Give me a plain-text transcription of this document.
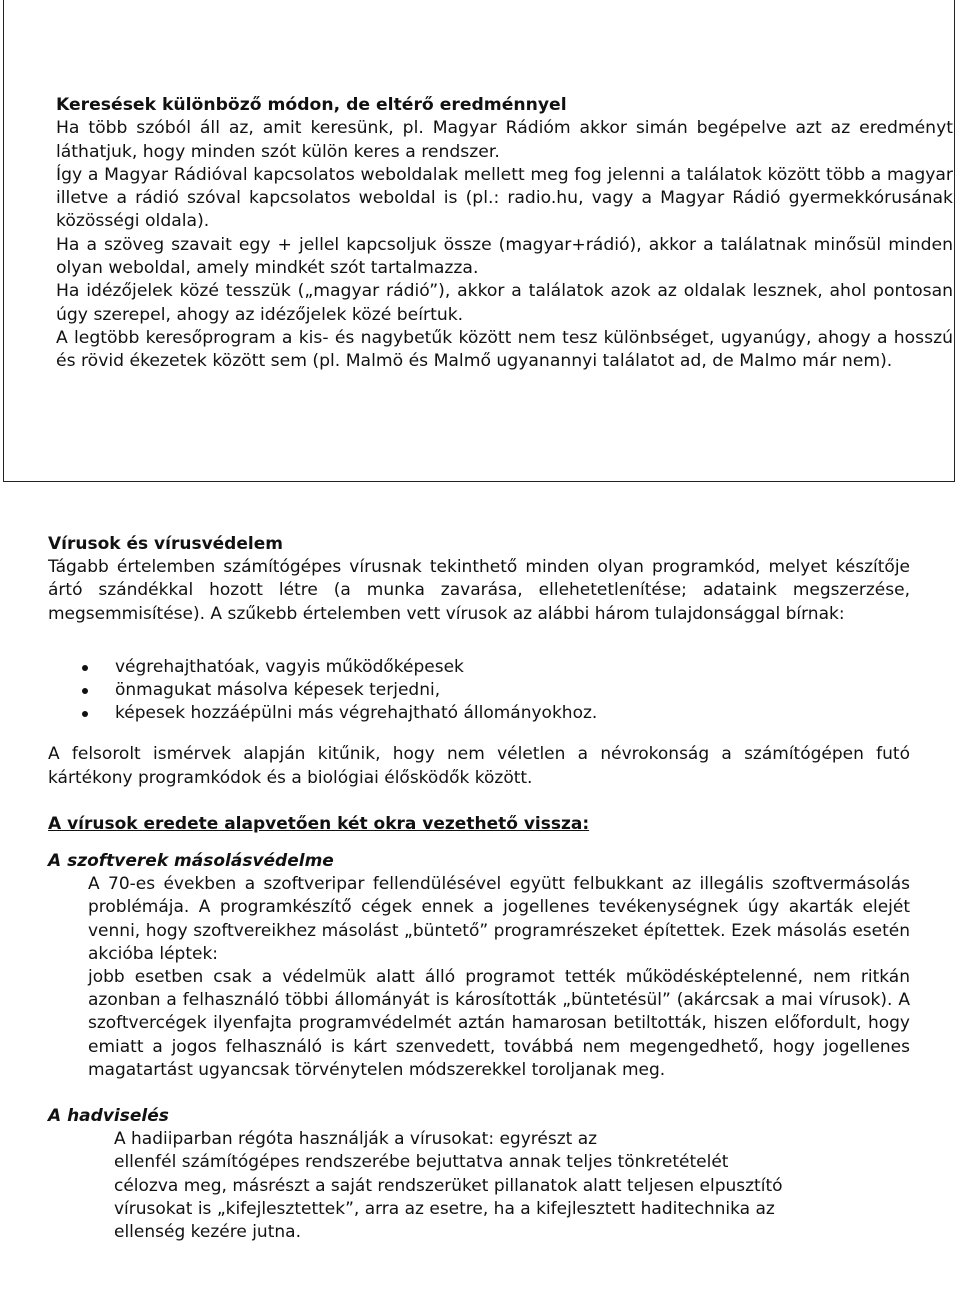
Keresések különböző módon, de eltérő eredménnyel

Ha több szóból áll az, amit keresünk, pl. Magyar Rádióm akkor simán begépelve azt az eredményt láthatjuk, hogy minden szót külön keres a rendszer.

Így a Magyar Rádióval kapcsolatos weboldalak mellett meg fog jelenni a találatok között több a magyar illetve a rádió szóval kapcsolatos weboldal is (pl.: radio.hu, vagy a Magyar Rádió gyermekkórusának közösségi oldala).

Ha a szöveg szavait egy + jellel kapcsoljuk össze (magyar+rádió), akkor a találatnak minősül minden olyan weboldal, amely mindkét szót tartalmazza.

Ha idézőjelek közé tesszük („magyar rádió”), akkor a találatok azok az oldalak lesznek, ahol pontosan úgy szerepel, ahogy az idézőjelek közé beírtuk.

A legtöbb keresőprogram a kis- és nagybetűk között nem tesz különbséget, ugyanúgy, ahogy a hosszú és rövid ékezetek között sem (pl. Malmö és Malmő ugyanannyi találatot ad, de Malmo már nem).

Vírusok és vírusvédelem

Tágabb értelemben számítógépes vírusnak tekinthető minden olyan programkód, melyet készítője ártó szándékkal hozott létre (a munka zavarása, ellehetetlenítése; adataink megszerzése, megsemmisítése). A szűkebb értelemben vett vírusok az alábbi három tulajdonsággal bírnak:

végrehajthatóak, vagyis működőképesek
önmagukat másolva képesek terjedni,
képesek hozzáépülni más végrehajtható állományokhoz.

A felsorolt ismérvek alapján kitűnik, hogy nem véletlen a névrokonság a számítógépen futó kártékony programkódok és a biológiai élősködők között.

A vírusok eredete alapvetően két okra vezethető vissza:

A szoftverek másolásvédelme

A 70-es években a szoftveripar fellendülésével együtt felbukkant az illegális szoftvermásolás problémája. A programkészítő cégek ennek a jogellenes tevékenységnek úgy akarták elejét venni, hogy szoftvereikhez másolást „büntető” programrészeket építettek. Ezek másolás esetén akcióba léptek:

jobb esetben csak a védelmük alatt álló programot tették működésképtelenné, nem ritkán azonban a felhasználó többi állományát is károsították „büntetésül” (akárcsak a mai vírusok). A szoftvercégek ilyenfajta programvédelmét aztán hamarosan betiltották, hiszen előfordult, hogy emiatt a jogos felhasználó is kárt szenvedett, továbbá nem megengedhető, hogy jogellenes magatartást ugyancsak törvénytelen módszerekkel toroljanak meg.

A hadviselés

A hadiiparban régóta használják a vírusokat: egyrészt az
ellenfél számítógépes rendszerébe bejuttatva annak teljes tönkretételét
célozva meg, másrészt a saját rendszerüket pillanatok alatt teljesen elpusztító
vírusokat is „kifejlesztettek”, arra az esetre, ha a kifejlesztett haditechnika az
ellenség kezére jutna.
